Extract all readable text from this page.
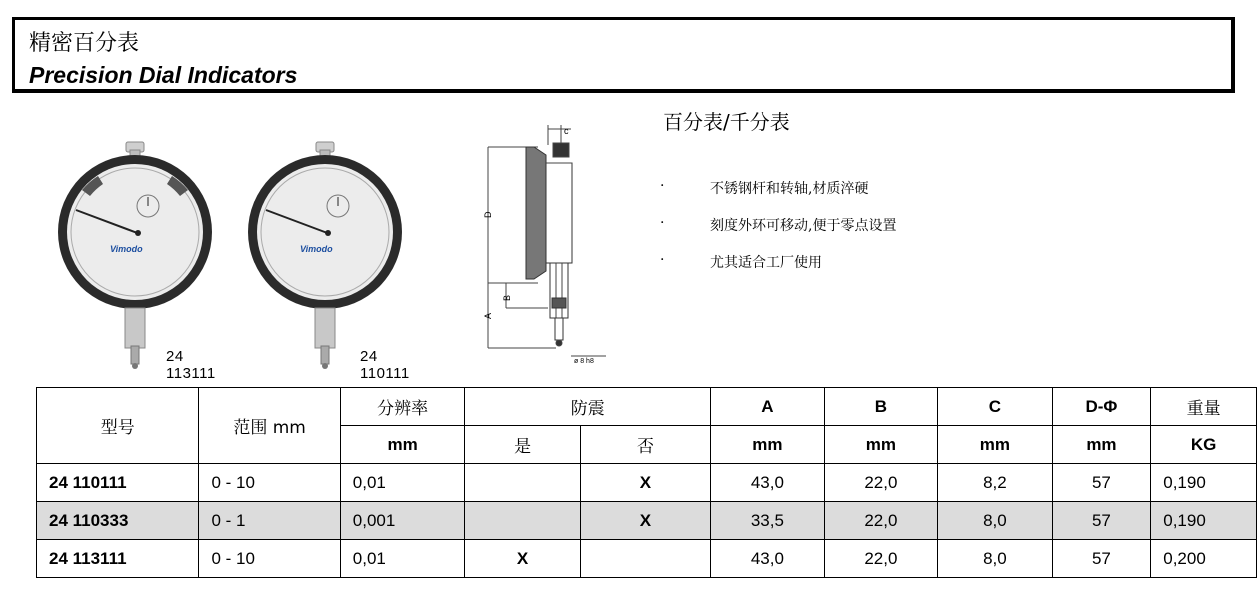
精密百分表
Precision Dial Indicators
Vimodo
24 113111
Vimodo
24 110111
c
D
B
A
ø 8 h8
百分表/千分表
·	不锈钢杆和转轴,材质淬硬
·	刻度外环可移动,便于零点设置
·	尤其适合工厂使用
型号	范围 mm	分辨率	防震		A	B	C	D-Φ	重量
		mm	是	否	mm	mm	mm	mm	KG
24 110111	0 - 10	0,01		X	43,0	22,0	8,2	57	0,190
24 110333	0 - 1	0,001		X	33,5	22,0	8,0	57	0,190
24 113111	0 - 10	0,01	X		43,0	22,0	8,0	57	0,200
